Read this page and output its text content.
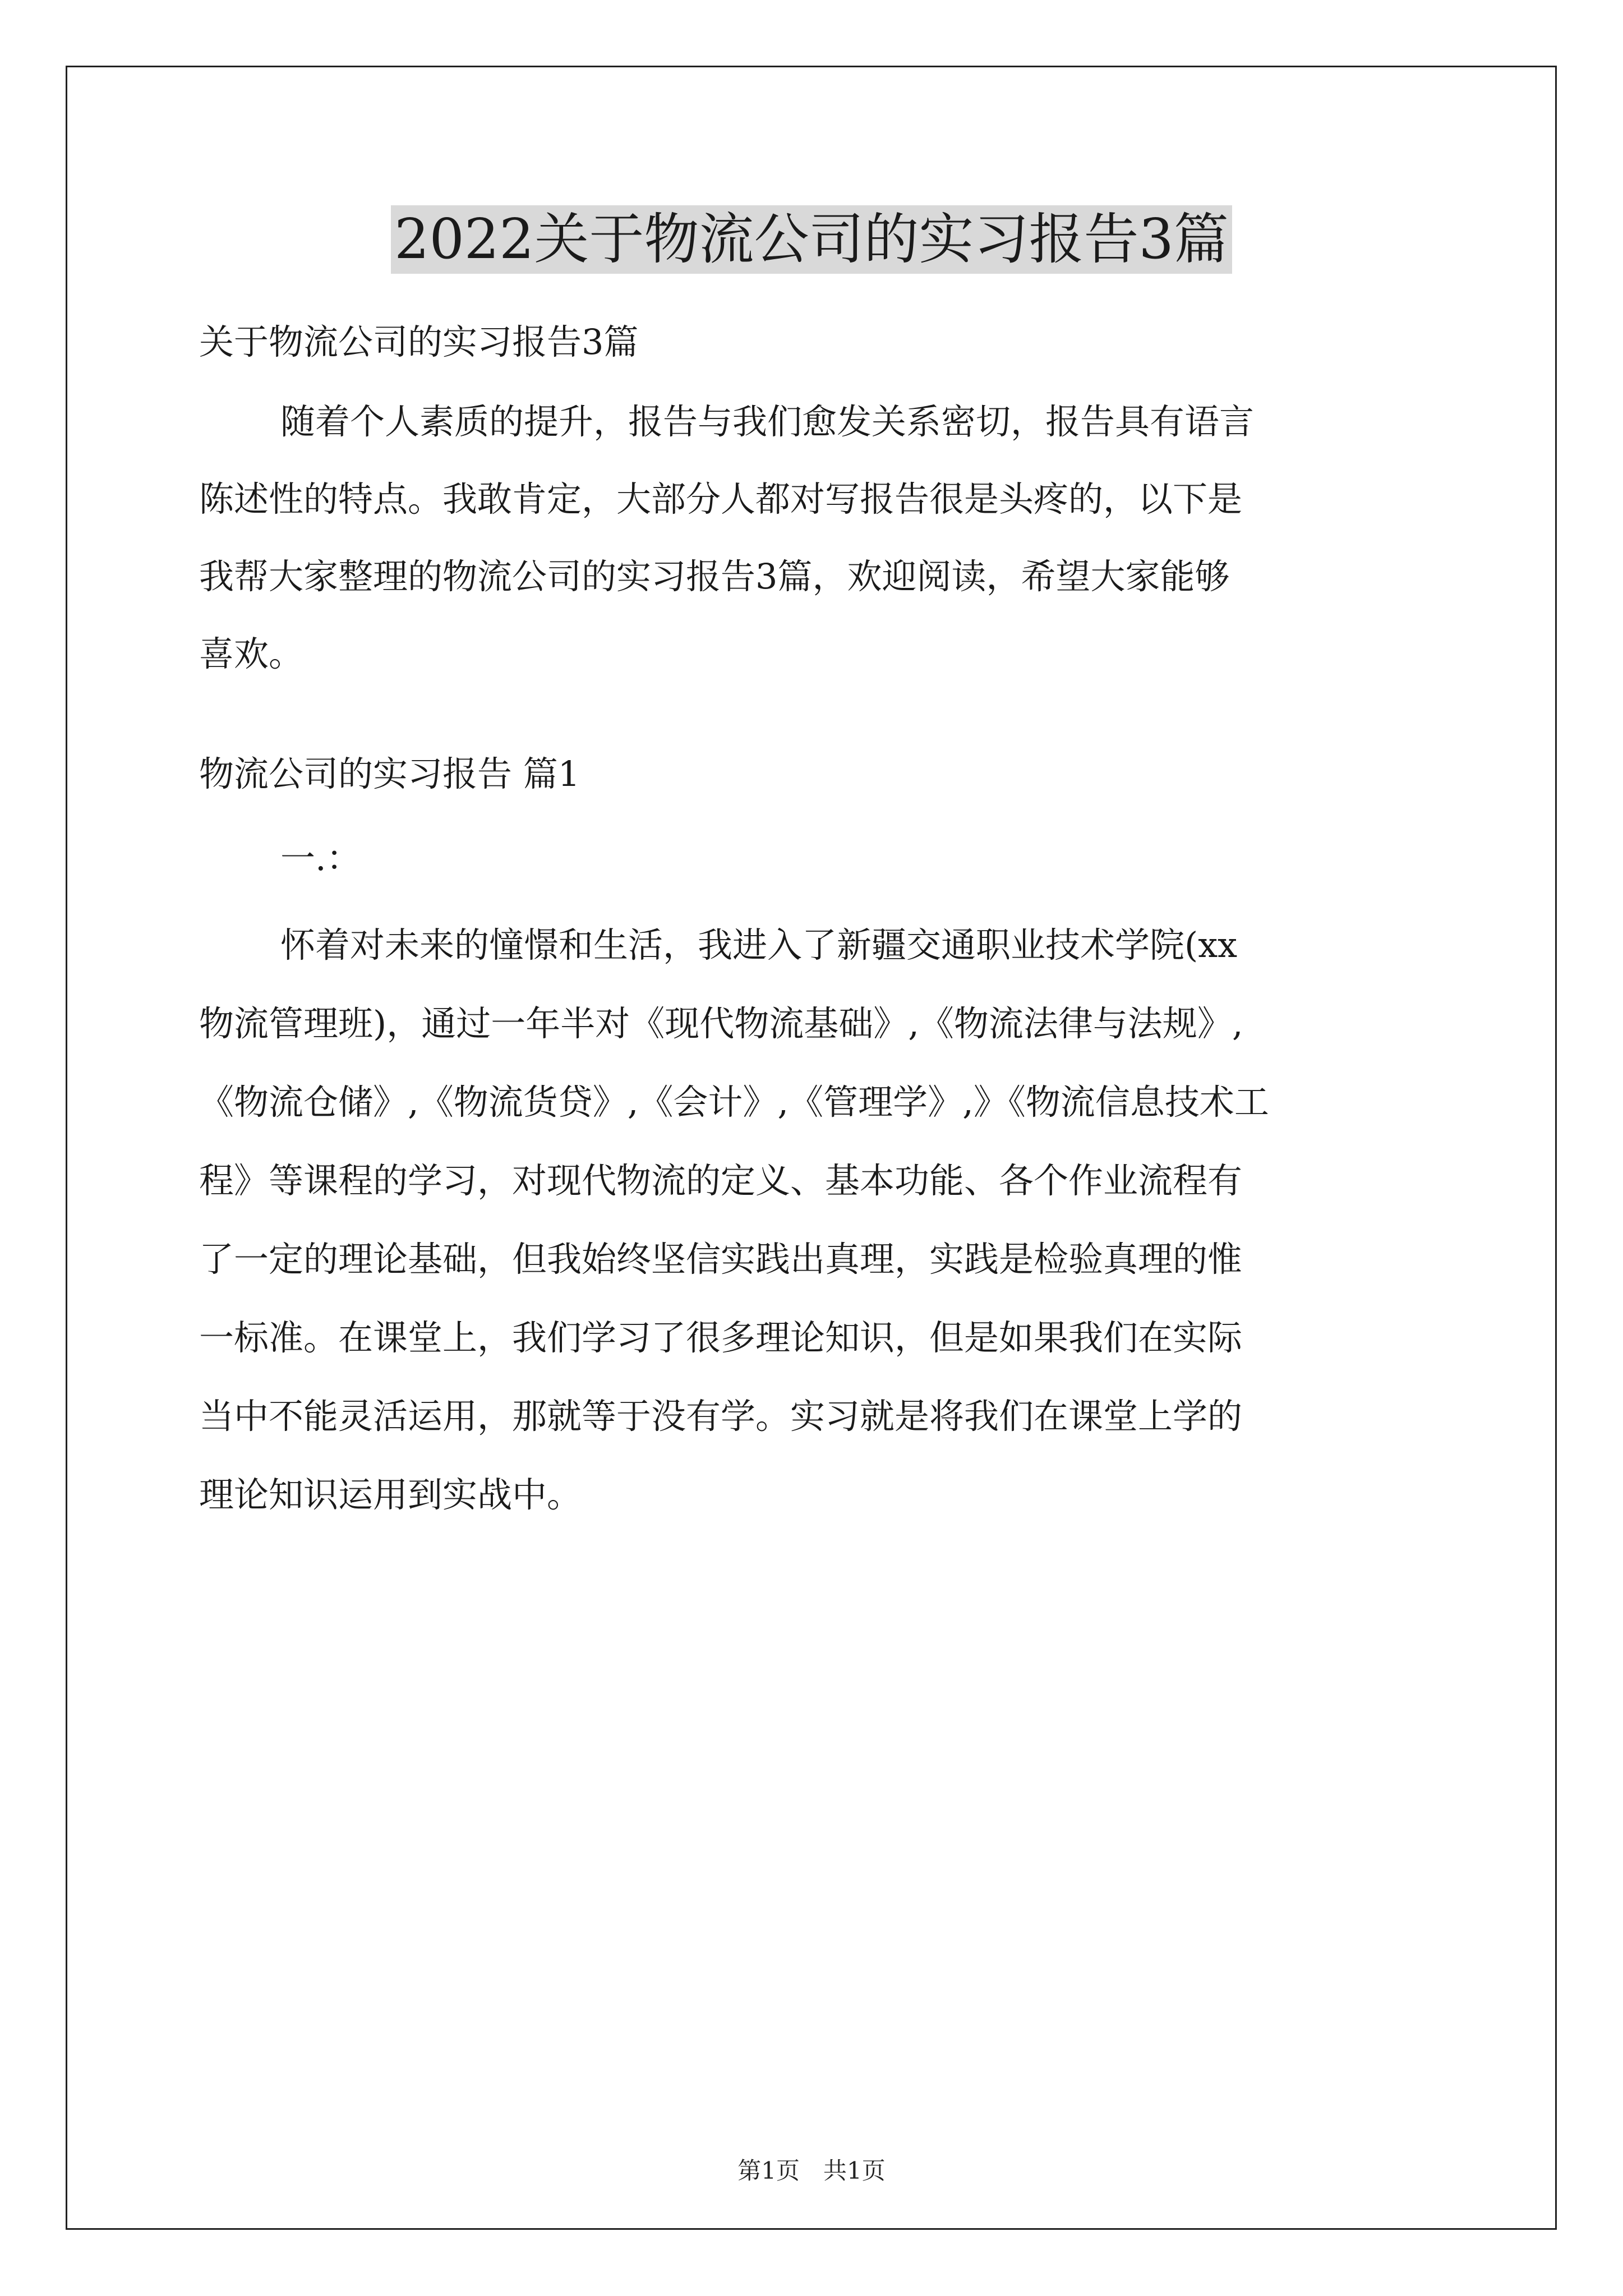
2022关于物流公司的实习报告3篇

关于物流公司的实习报告3篇

随着个人素质的提升，报告与我们愈发关系密切，报告具有语言

陈述性的特点。我敢肯定，大部分人都对写报告很是头疼的，以下是

我帮大家整理的物流公司的实习报告3篇，欢迎阅读，希望大家能够

喜欢。

物流公司的实习报告 篇1

一.：

怀着对未来的憧憬和生活，我进入了新疆交通职业技术学院(xx

物流管理班)，通过一年半对《现代物流基础》,《物流法律与法规》,

《物流仓储》,《物流货贷》,《会计》,《管理学》,》《物流信息技术工

程》等课程的学习，对现代物流的定义、基本功能、各个作业流程有

了一定的理论基础，但我始终坚信实践出真理，实践是检验真理的惟

一标准。在课堂上，我们学习了很多理论知识，但是如果我们在实际

当中不能灵活运用，那就等于没有学。实习就是将我们在课堂上学的

理论知识运用到实战中。

第1页　共1页
